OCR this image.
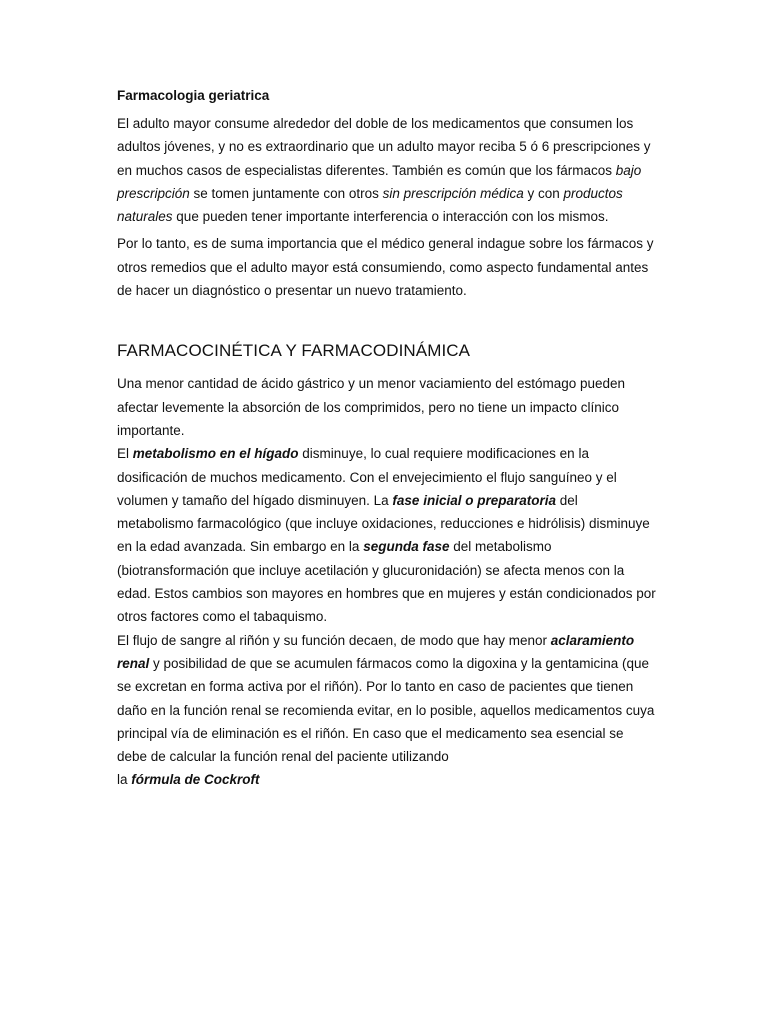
Farmacologia geriatrica

El adulto mayor consume alrededor del doble de los medicamentos que consumen los adultos jóvenes, y no es extraordinario que un adulto mayor reciba 5 ó 6 prescripciones y en muchos casos de especialistas diferentes. También es común que los fármacos bajo prescripción se tomen juntamente con otros sin prescripción médica y con productos naturales que pueden tener importante interferencia o interacción con los mismos.

Por lo tanto, es de suma importancia que el médico general indague sobre los fármacos y otros remedios que el adulto mayor está consumiendo, como aspecto fundamental antes de hacer un diagnóstico o presentar un nuevo tratamiento.

FARMACOCINÉTICA Y FARMACODINÁMICA

Una menor cantidad de ácido gástrico y un menor vaciamiento del estómago pueden afectar levemente la absorción de los comprimidos, pero no tiene un impacto clínico importante.

El metabolismo en el hígado disminuye, lo cual requiere modificaciones en la dosificación de muchos medicamento. Con el envejecimiento el flujo sanguíneo y el volumen y tamaño del hígado disminuyen. La fase inicial o preparatoria del metabolismo farmacológico (que incluye oxidaciones, reducciones e hidrólisis) disminuye en la edad avanzada. Sin embargo en la segunda fase del metabolismo (biotransformación que incluye acetilación y glucuronidación) se afecta menos con la edad. Estos cambios son mayores en hombres que en mujeres y están condicionados por otros factores como el tabaquismo.

El flujo de sangre al riñón y su función decaen, de modo que hay menor aclaramiento renal y posibilidad de que se acumulen fármacos como la digoxina y la gentamicina (que se excretan en forma activa por el riñón). Por lo tanto en caso de pacientes que tienen daño en la función renal se recomienda evitar, en lo posible, aquellos medicamentos cuya principal vía de eliminación es el riñón. En caso que el medicamento sea esencial se debe de calcular la función renal del paciente utilizando

la fórmula de Cockroft
